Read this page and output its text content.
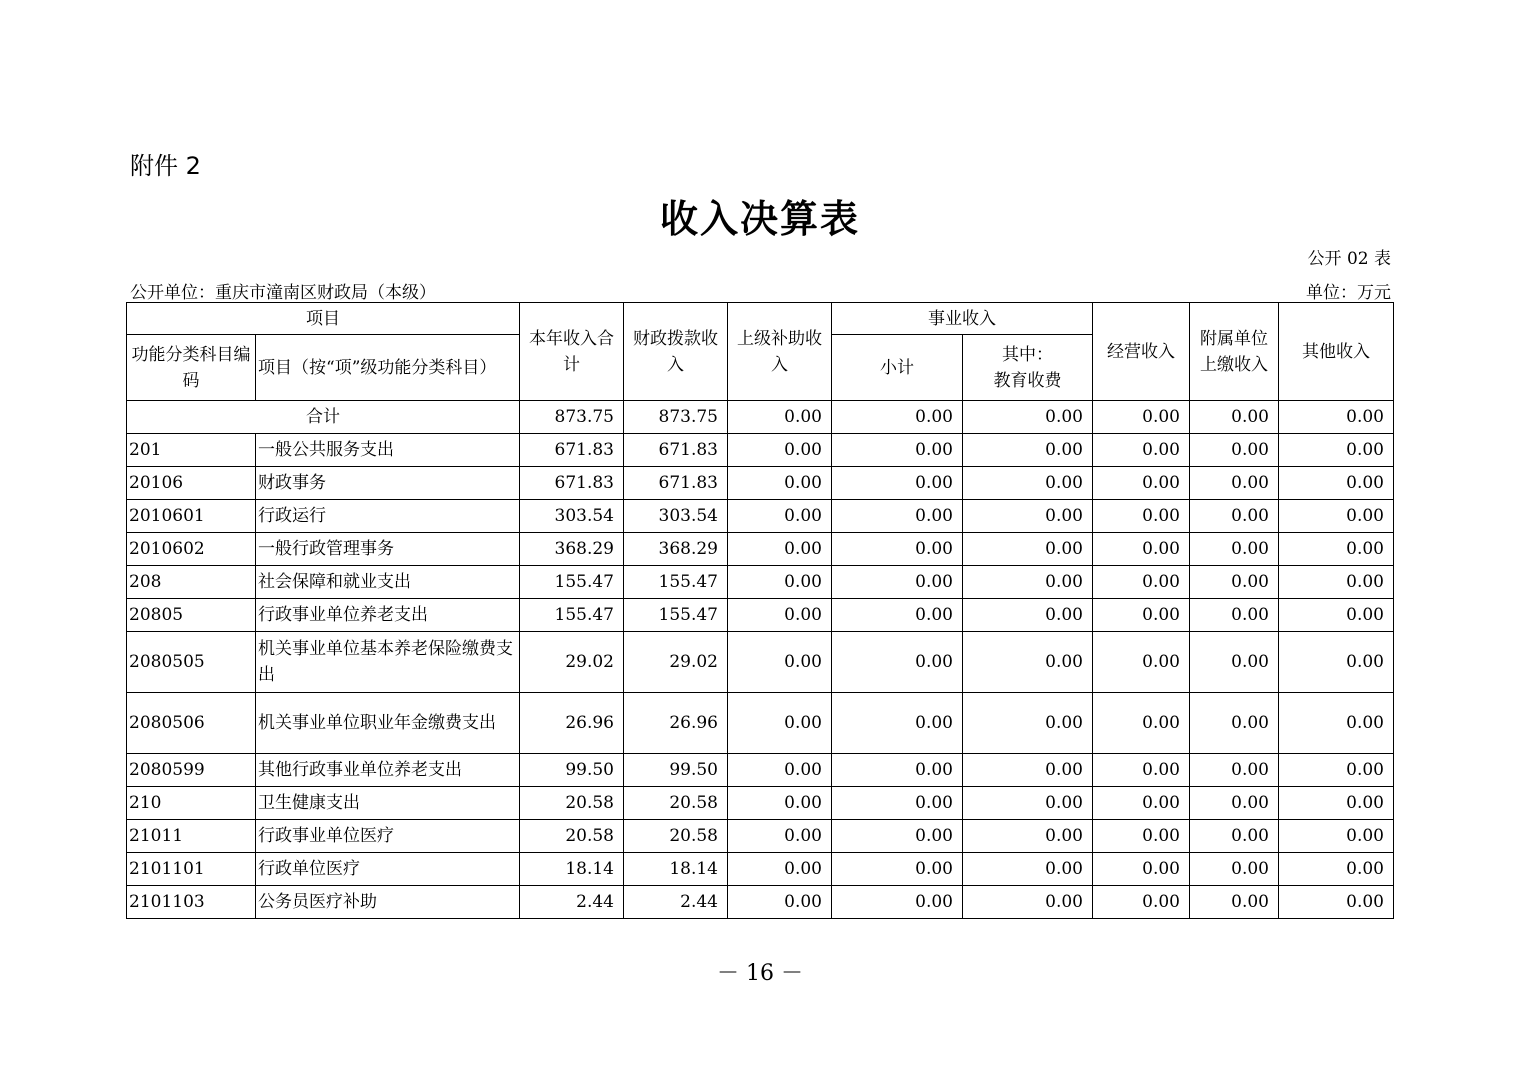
附件 2
收入决算表
公开 02 表
公开单位：重庆市潼南区财政局（本级）	单位：万元
项目		本年收入合计	财政拨款收入	上级补助收入	事业收入		经营收入	附属单位上缴收入	其他收入
功能分类科目编码	项目（按“项”级功能分类科目）				小计	其中：
教育收费			

合计		873.75	873.75	0.00	0.00	0.00	0.00	0.00	0.00
201	一般公共服务支出	671.83	671.83	0.00	0.00	0.00	0.00	0.00	0.00
20106	财政事务	671.83	671.83	0.00	0.00	0.00	0.00	0.00	0.00
2010601	行政运行	303.54	303.54	0.00	0.00	0.00	0.00	0.00	0.00
2010602	一般行政管理事务	368.29	368.29	0.00	0.00	0.00	0.00	0.00	0.00
208	社会保障和就业支出	155.47	155.47	0.00	0.00	0.00	0.00	0.00	0.00
20805	行政事业单位养老支出	155.47	155.47	0.00	0.00	0.00	0.00	0.00	0.00
2080505	机关事业单位基本养老保险缴费支出	29.02	29.02	0.00	0.00	0.00	0.00	0.00	0.00
2080506	机关事业单位职业年金缴费支出	26.96	26.96	0.00	0.00	0.00	0.00	0.00	0.00
2080599	其他行政事业单位养老支出	99.50	99.50	0.00	0.00	0.00	0.00	0.00	0.00
210	卫生健康支出	20.58	20.58	0.00	0.00	0.00	0.00	0.00	0.00
21011	行政事业单位医疗	20.58	20.58	0.00	0.00	0.00	0.00	0.00	0.00
2101101	行政单位医疗	18.14	18.14	0.00	0.00	0.00	0.00	0.00	0.00
2101103	公务员医疗补助	2.44	2.44	0.00	0.00	0.00	0.00	0.00	0.00
－ 16 －
